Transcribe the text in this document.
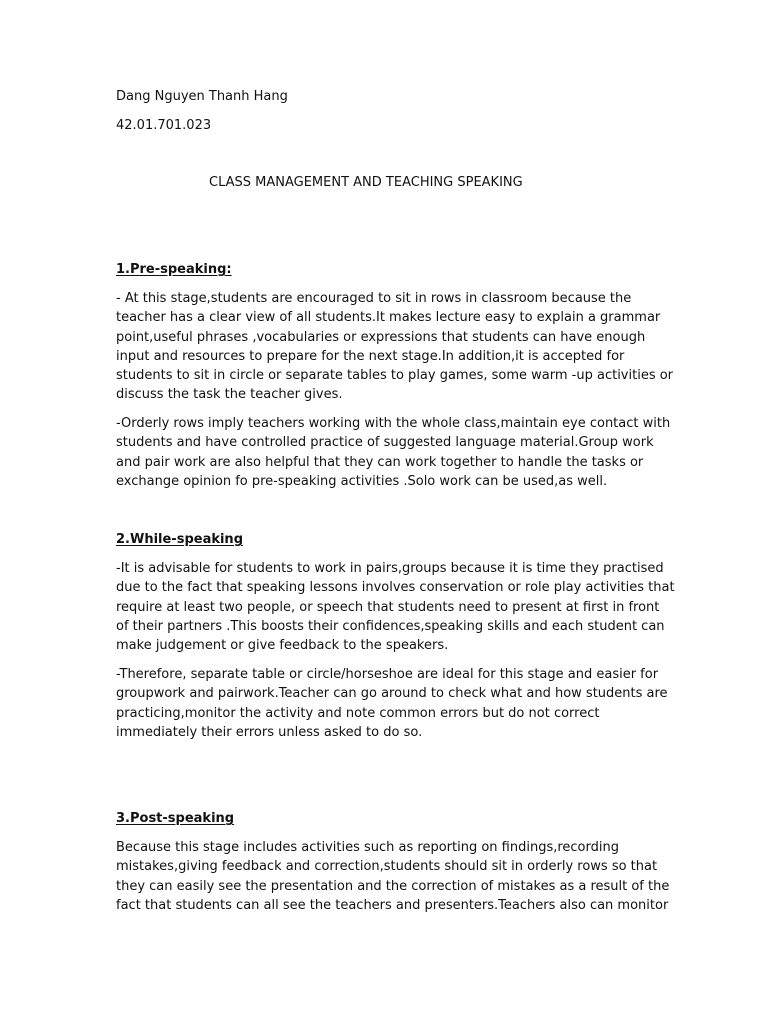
Dang Nguyen Thanh Hang

42.01.701.023

CLASS MANAGEMENT AND TEACHING SPEAKING

1.Pre-speaking:

- At this stage,students are encouraged to sit in rows in classroom because the
teacher has a clear view of all students.It makes lecture easy to explain a grammar
point,useful phrases ,vocabularies or expressions that students can have enough
input and resources to prepare for the next stage.In addition,it is accepted for
students to sit in circle or separate tables to play games, some warm -up activities or
discuss the task the teacher gives.
-Orderly rows imply teachers working with the whole class,maintain eye contact with
students and have controlled practice of suggested language material.Group work
and pair work are also helpful that they can work together to handle the tasks or
exchange opinion fo pre-speaking activities .Solo work can be used,as well.

2.While-speaking

-It is advisable for students to work in pairs,groups because it is time they practised
due to the fact that speaking lessons involves conservation or role play activities that
require at least two people, or speech that students need to present at first in front
of their partners .This boosts their confidences,speaking skills and each student can
make judgement or give feedback to the speakers.
-Therefore, separate table or circle/horseshoe are ideal for this stage and easier for
groupwork and pairwork.Teacher can go around to check what and how students are
practicing,monitor the activity and note common errors but do not correct
immediately their errors unless asked to do so.

3.Post-speaking

Because this stage includes activities such as reporting on findings,recording
mistakes,giving feedback and correction,students should sit in orderly rows so that
they can easily see the presentation and the correction of mistakes as a result of the
fact that students can all see the teachers and presenters.Teachers also can monitor
